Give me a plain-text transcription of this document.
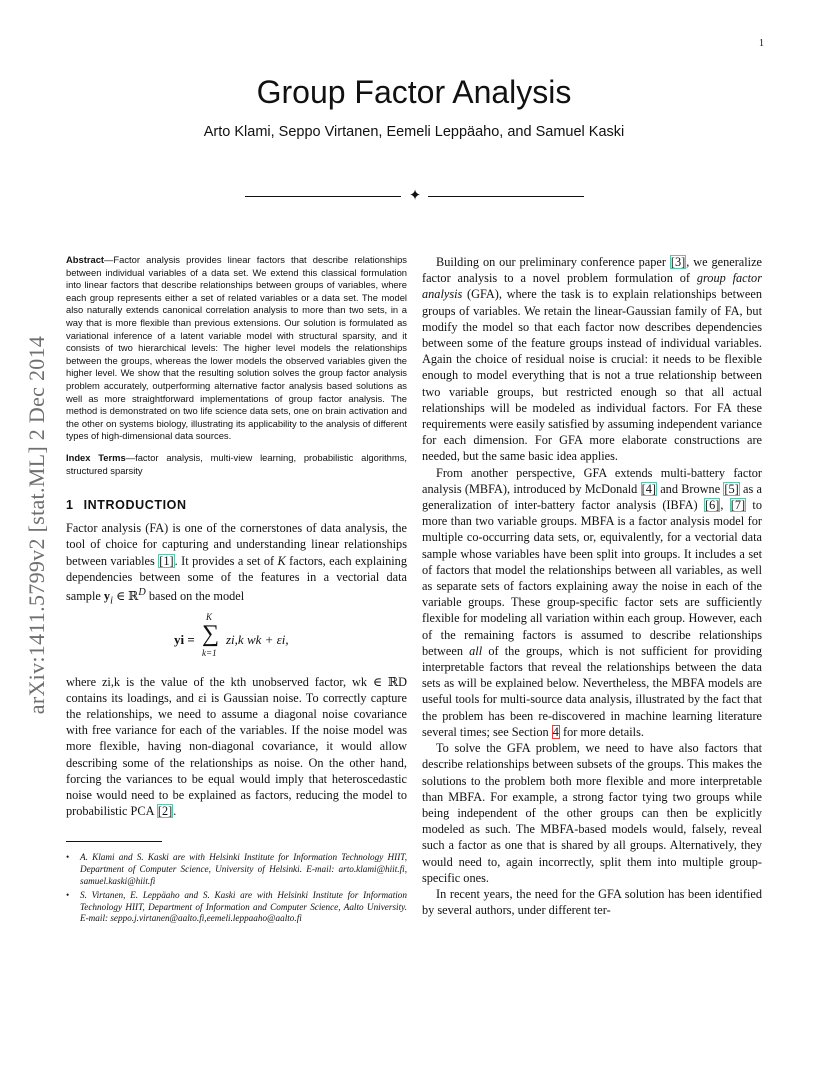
1
arXiv:1411.5799v2 [stat.ML] 2 Dec 2014
Group Factor Analysis
Arto Klami, Seppo Virtanen, Eemeli Leppäaho, and Samuel Kaski
✦

Abstract—Factor analysis provides linear factors that describe relationships between individual variables of a data set. We extend this classical formulation into linear factors that describe relationships between groups of variables, where each group represents either a set of related variables or a data set. The model also naturally extends canonical correlation analysis to more than two sets, in a way that is more flexible than previous extensions. Our solution is formulated as variational inference of a latent variable model with structural sparsity, and it consists of two hierarchical levels: The higher level models the relationships between the groups, whereas the lower models the observed variables given the higher level. We show that the resulting solution solves the group factor analysis problem accurately, outperforming alternative factor analysis based solutions as well as more straightforward implementations of group factor analysis. The method is demonstrated on two life science data sets, one on brain activation and the other on systems biology, illustrating its applicability to the analysis of different types of high-dimensional data sources.

Index Terms—factor analysis, multi-view learning, probabilistic algorithms, structured sparsity

1 INTRODUCTION

Factor analysis (FA) is one of the cornerstones of data analysis, the tool of choice for capturing and understanding linear relationships between variables [1]. It provides a set of K factors, each explaining dependencies between some of the features in a vectorial data sample $y_i$ ∈ ℝ$^D$ based on the model

yi =
K
∑
k=1
zi,k wk + εi,

where zi,k is the value of the kth unobserved factor, wk ∈ ℝD contains its loadings, and εi is Gaussian noise. To correctly capture the relationships, we need to assume a diagonal noise covariance with free variance for each of the variables. If the noise model was more flexible, having non-diagonal covariance, it would allow describing some of the relationships as noise. On the other hand, forcing the variances to be equal would imply that heteroscedastic noise would need to be explained as factors, reducing the model to probabilistic PCA [2].

• A. Klami and S. Kaski are with Helsinki Institute for Information Technology HIIT, Department of Computer Science, University of Helsinki. E-mail: arto.klami@hiit.fi, samuel.kaski@hiit.fi
• S. Virtanen, E. Leppäaho and S. Kaski are with Helsinki Institute for Information Technology HIIT, Department of Information and Computer Science, Aalto University. E-mail: seppo.j.virtanen@aalto.fi,eemeli.leppaaho@aalto.fi

Building on our preliminary conference paper [3], we generalize factor analysis to a novel problem formulation of group factor analysis (GFA), where the task is to explain relationships between groups of variables. We retain the linear-Gaussian family of FA, but modify the model so that each factor now describes dependencies between some of the feature groups instead of individual variables. Again the choice of residual noise is crucial: it needs to be flexible enough to model everything that is not a true relationship between two variable groups, but restricted enough so that all actual relationships will be modeled as individual factors. For FA these requirements were easily satisfied by assuming independent variance for each dimension. For GFA more elaborate constructions are needed, but the same basic idea applies.

From another perspective, GFA extends multi-battery factor analysis (MBFA), introduced by McDonald [4] and Browne [5] as a generalization of inter-battery factor analysis (IBFA) [6], [7] to more than two variable groups. MBFA is a factor analysis model for multiple co-occurring data sets, or, equivalently, for a vectorial data sample whose variables have been split into groups. It includes a set of factors that model the relationships between all variables, as well as separate sets of factors explaining away the noise in each of the variable groups. These group-specific factor sets are sufficiently flexible for modeling all variation within each group. However, each of the remaining factors is assumed to describe relationships between all of the groups, which is not sufficient for providing interpretable factors that reveal the relationships between the data sets as will be explained below. Nevertheless, the MBFA models are useful tools for multi-source data analysis, illustrated by the fact that the problem has been re-discovered in machine learning literature several times; see Section 4 for more details.

To solve the GFA problem, we need to have also factors that describe relationships between subsets of the groups. This makes the solutions to the problem both more flexible and more interpretable than MBFA. For example, a strong factor tying two groups while being independent of the other groups can then be explicitly modeled as such. The MBFA-based models would, falsely, reveal such a factor as one that is shared by all groups. Alternatively, they would need to, again incorrectly, split them into multiple group-specific ones.

In recent years, the need for the GFA solution has been identified by several authors, under different ter-
